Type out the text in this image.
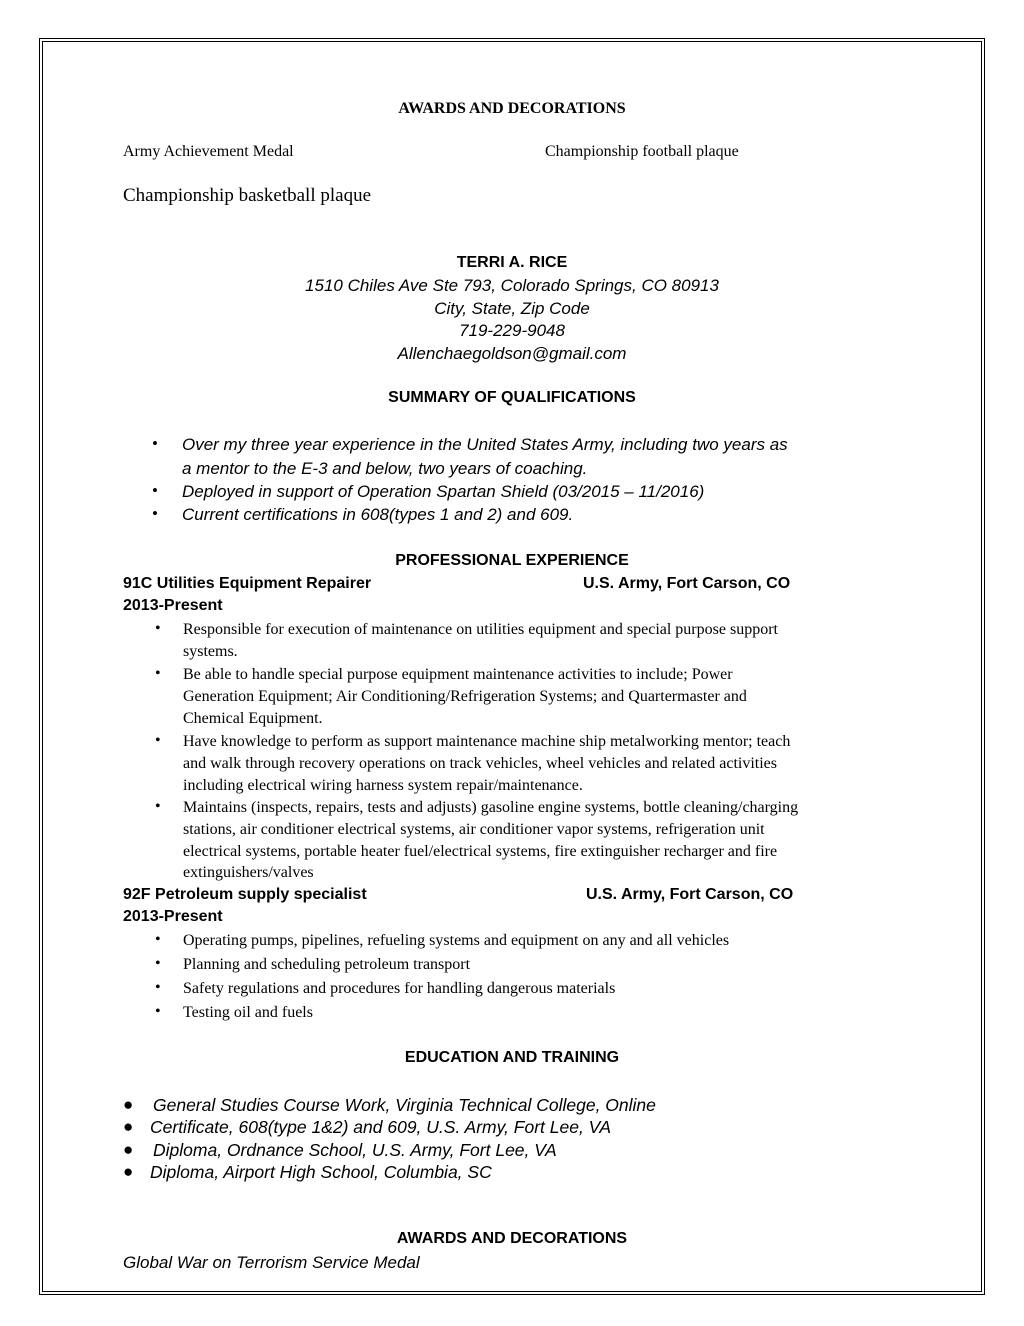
AWARDS AND DECORATIONS
Army Achievement Medal	Championship football plaque
Championship basketball plaque
TERRI A. RICE
1510 Chiles Ave Ste 793, Colorado Springs, CO 80913
City, State, Zip Code
719-229-9048
Allenchaegoldson@gmail.com
SUMMARY OF QUALIFICATIONS
• Over my three year experience in the United States Army, including two years as
a mentor to the E-3 and below, two years of coaching.
• Deployed in support of Operation Spartan Shield (03/2015 – 11/2016)
• Current certifications in 608(types 1 and 2) and 609.
PROFESSIONAL EXPERIENCE
91C Utilities Equipment Repairer	U.S. Army, Fort Carson, CO
2013-Present
• Responsible for execution of maintenance on utilities equipment and special purpose support
systems.
• Be able to handle special purpose equipment maintenance activities to include; Power
Generation Equipment; Air Conditioning/Refrigeration Systems; and Quartermaster and
Chemical Equipment.
• Have knowledge to perform as support maintenance machine ship metalworking mentor; teach
and walk through recovery operations on track vehicles, wheel vehicles and related activities
including electrical wiring harness system repair/maintenance.
• Maintains (inspects, repairs, tests and adjusts) gasoline engine systems, bottle cleaning/charging
stations, air conditioner electrical systems, air conditioner vapor systems, refrigeration unit
electrical systems, portable heater fuel/electrical systems, fire extinguisher recharger and fire
extinguishers/valves
92F Petroleum supply specialist	U.S. Army, Fort Carson, CO
2013-Present
• Operating pumps, pipelines, refueling systems and equipment on any and all vehicles
• Planning and scheduling petroleum transport
• Safety regulations and procedures for handling dangerous materials
• Testing oil and fuels
EDUCATION AND TRAINING
● General Studies Course Work, Virginia Technical College, Online
● Certificate, 608(type 1&2) and 609, U.S. Army, Fort Lee, VA
● Diploma, Ordnance School, U.S. Army, Fort Lee, VA
● Diploma, Airport High School, Columbia, SC
AWARDS AND DECORATIONS
Global War on Terrorism Service Medal
